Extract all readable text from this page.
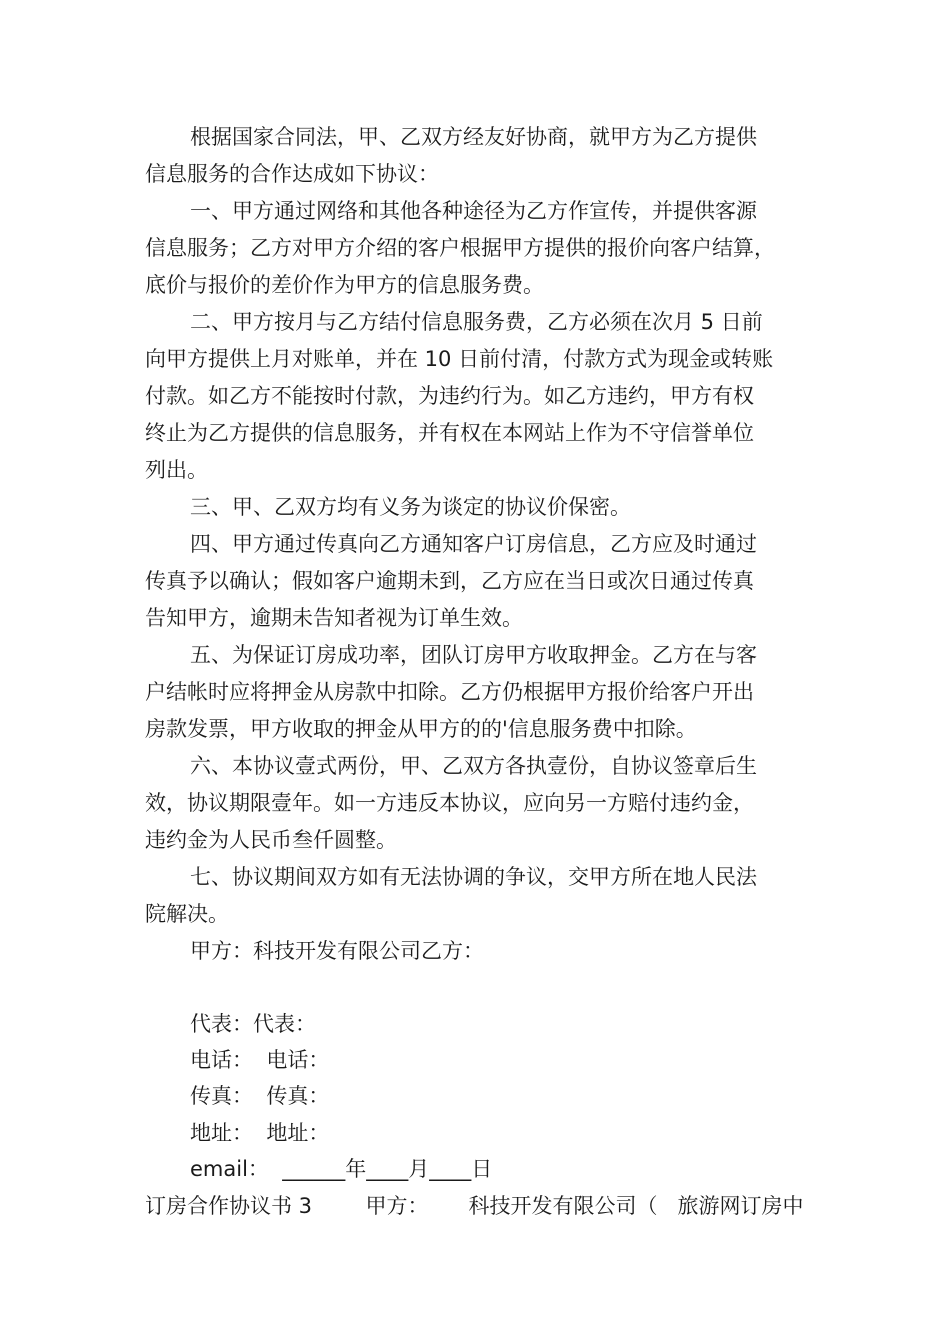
根据国家合同法，甲、乙双方经友好协商，就甲方为乙方提供
信息服务的合作达成如下协议：
一、甲方通过网络和其他各种途径为乙方作宣传，并提供客源
信息服务；乙方对甲方介绍的客户根据甲方提供的报价向客户结算，
底价与报价的差价作为甲方的信息服务费。
二、甲方按月与乙方结付信息服务费，乙方必须在次月 5 日前
向甲方提供上月对账单，并在 10 日前付清，付款方式为现金或转账
付款。如乙方不能按时付款，为违约行为。如乙方违约，甲方有权
终止为乙方提供的信息服务，并有权在本网站上作为不守信誉单位
列出。
三、甲、乙双方均有义务为谈定的协议价保密。
四、甲方通过传真向乙方通知客户订房信息，乙方应及时通过
传真予以确认；假如客户逾期未到，乙方应在当日或次日通过传真
告知甲方，逾期未告知者视为订单生效。
五、为保证订房成功率，团队订房甲方收取押金。乙方在与客
户结帐时应将押金从房款中扣除。乙方仍根据甲方报价给客户开出
房款发票，甲方收取的押金从甲方的的'信息服务费中扣除。
六、本协议壹式两份，甲、乙双方各执壹份，自协议签章后生
效，协议期限壹年。如一方违反本协议，应向另一方赔付违约金，
违约金为人民币叁仟圆整。
七、协议期间双方如有无法协调的争议，交甲方所在地人民法
院解决。
甲方：科技开发有限公司乙方：
代表：代表：
电话：  电话：
传真：  传真：
地址：  地址：
email：  ______年____月____日
订房合作协议书 3        甲方：      科技开发有限公司（   旅游网订房中
